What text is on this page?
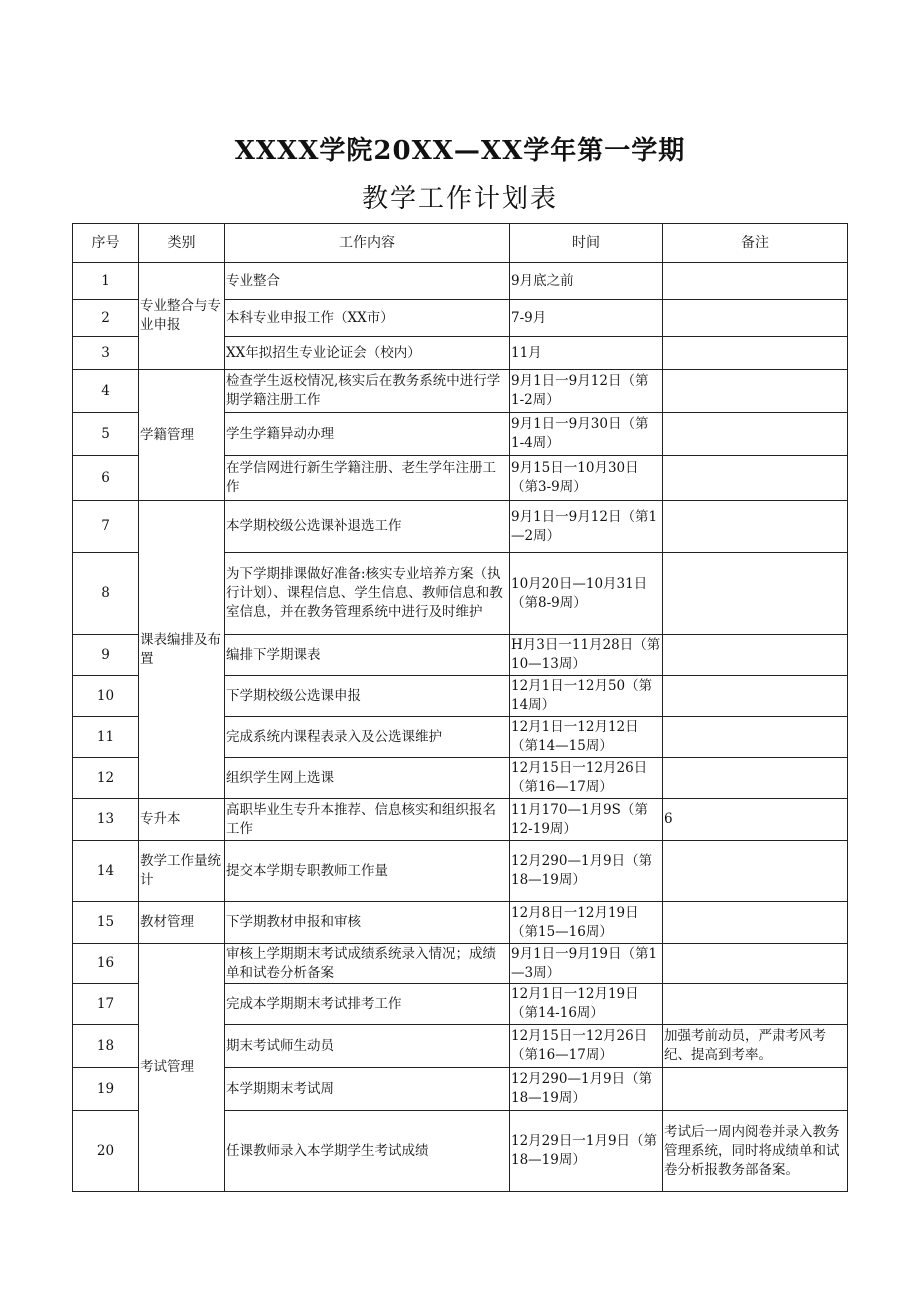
XXXX学院20XX—XX学年第一学期
教学工作计划表
序号	类别	工作内容	时间	备注
1	专业整合与专业申报	专业整合	9月底之前	
2		本科专业申报工作（XX市）	7-9月	
3		XX年拟招生专业论证会（校内）	11月	
4	学籍管理	检查学生返校情况,核实后在教务系统中进行学期学籍注册工作	9月1日一9月12日（第1-2周）	
5		学生学籍异动办理	9月1日一9月30日（第1-4周）	
6		在学信网进行新生学籍注册、老生学年注册工作	9月15日一10月30日（第3-9周）	
7	课表编排及布置	本学期校级公选课补退选工作	9月1日一9月12日（第1—2周）	
8		为下学期排课做好准备:核实专业培养方案（执行计划）、课程信息、学生信息、教师信息和教室信息，并在教务管理系统中进行及时维护	10月20日—10月31日（第8-9周）	
9		编排下学期课表	H月3日一11月28日（第10—13周）	
10		下学期校级公选课申报	12月1日一12月50（第14周）	
11		完成系统内课程表录入及公选课维护	12月1日一12月12日（第14—15周）	
12		组织学生网上选课	12月15日一12月26日（第16—17周）	
13	专升本	高职毕业生专升本推荐、信息核实和组织报名工作	11月170—1月9S（第12-19周）	6
14	教学工作量统计	提交本学期专职教师工作量	12月290—1月9日（第18—19周）	
15	教材管理	下学期教材申报和审核	12月8日一12月19日（第15—16周）	
16	考试管理	审核上学期期末考试成绩系统录入情况；成绩单和试卷分析备案	9月1日一9月19日（第1—3周）	
17		完成本学期期末考试排考工作	12月1日一12月19日（第14-16周）	
18		期末考试师生动员	12月15日一12月26日（第16—17周）	加强考前动员，严肃考风考纪、提高到考率。
19		本学期期末考试周	12月290—1月9日（第18—19周）	
20		任课教师录入本学期学生考试成绩	12月29日一1月9日（第18—19周）	考试后一周内阅卷并录入教务管理系统，同时将成绩单和试卷分析报教务部备案。
